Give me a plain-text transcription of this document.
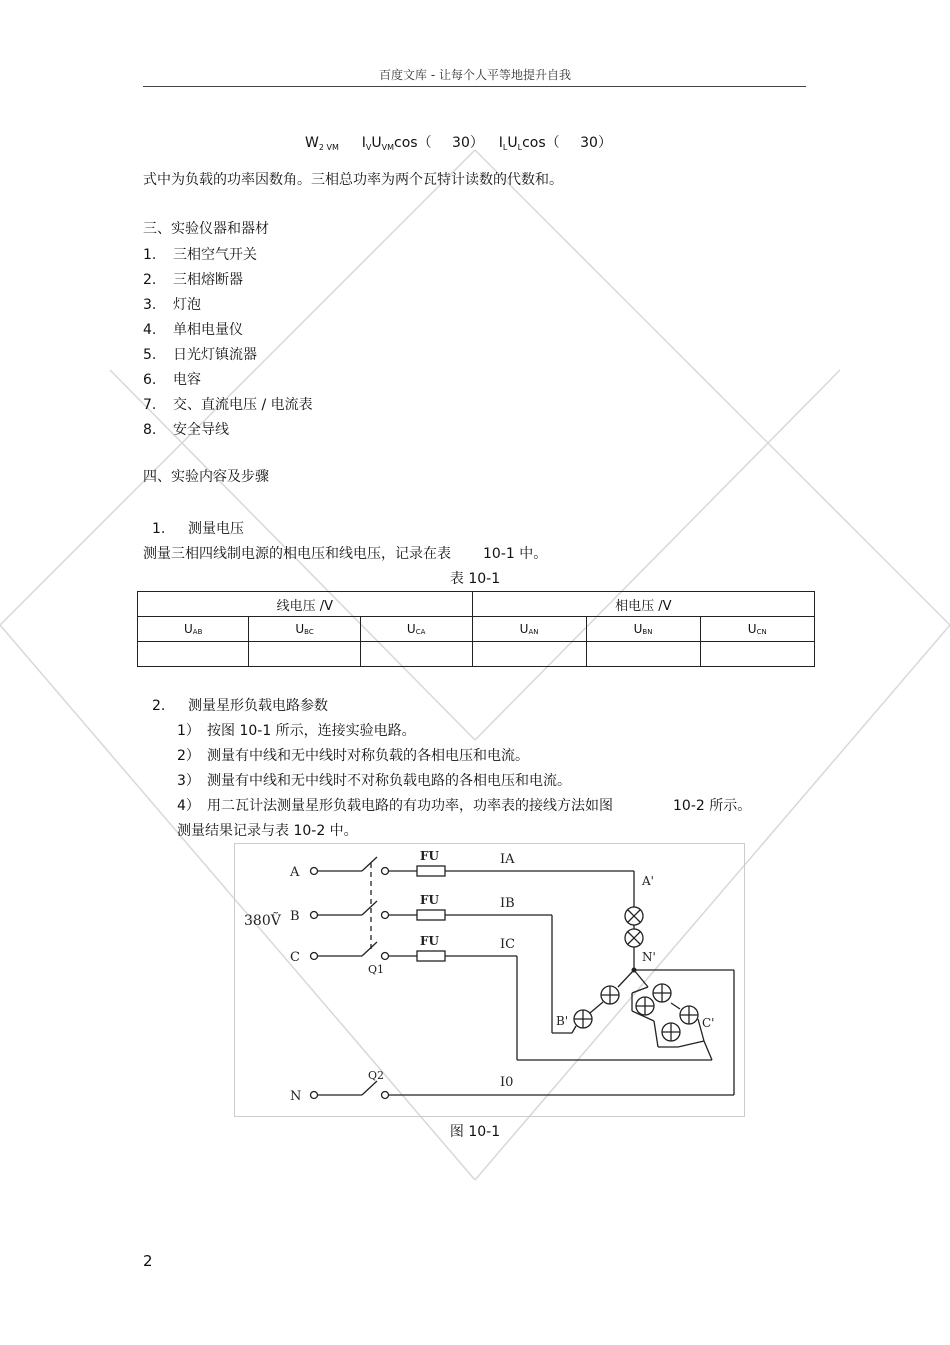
百度文库 - 让每个人平等地提升自我
$W_{2 VM}$ $I_VU_{VM}\cos$（ 30） $I_LU_L\cos$（ 30）
式中为负载的功率因数角。三相总功率为两个瓦特计读数的代数和。
三、实验仪器和器材
1. 三相空气开关
2. 三相熔断器
3. 灯泡
4. 单相电量仪
5. 日光灯镇流器
6. 电容
7. 交、直流电压 / 电流表
8. 安全导线
四、实验内容及步骤
1. 测量电压
测量三相四线制电源的相电压和线电压，记录在表 10-1 中。
表 10-1
线电压 /V			相电压 /V		
$U_{AB}$	$U_{BC}$	$U_{CA}$	$U_{AN}$	$U_{BN}$	$U_{CN}$

2. 测量星形负载电路参数
1） 按图 10-1 所示，连接实验电路。
2） 测量有中线和无中线时对称负载的各相电压和电流。
3） 测量有中线和无中线时不对称负载电路的各相电压和电流。
4） 用二瓦计法测量星形负载电路的有功功率，功率表的接线方法如图	10-2 所示。
测量结果记录与表 10-2 中。
A
B
C
N
380Ṽ
Q1
Q2
FU
FU
FU
IA
IB
IC
I0
A'
N'
B'	C'
图 10-1
2
